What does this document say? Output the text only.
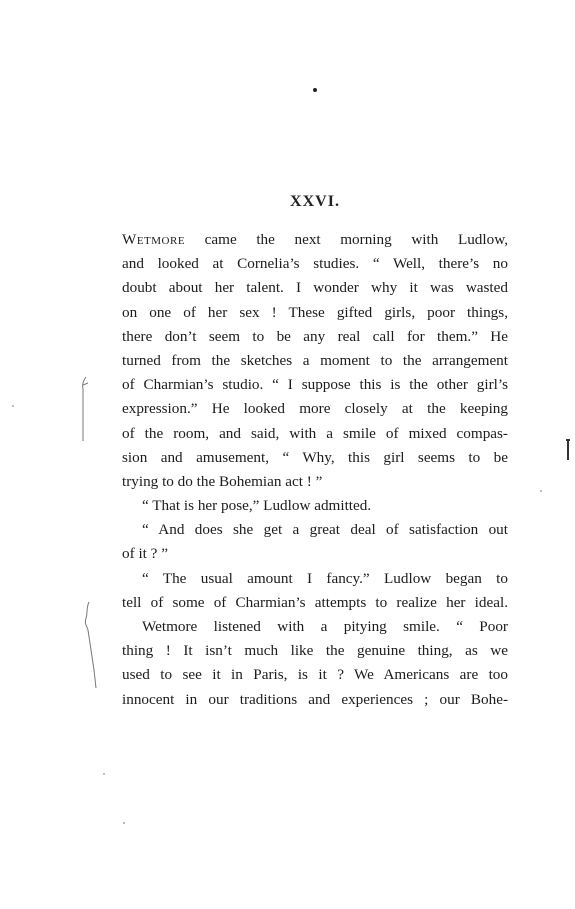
XXVI.
Wetmore came the next morning with Ludlow,
and looked at Cornelia’s studies. “ Well, there’s no
doubt about her talent. I wonder why it was wasted
on one of her sex ! These gifted girls, poor things,
there don’t seem to be any real call for them.” He
turned from the sketches a moment to the arrangement
of Charmian’s studio. “ I suppose this is the other girl’s
expression.” He looked more closely at the keeping
of the room, and said, with a smile of mixed compas-
sion and amusement, “ Why, this girl seems to be
trying to do the Bohemian act ! ”
“ That is her pose,” Ludlow admitted.
“ And does she get a great deal of satisfaction out
of it ? ”
“ The usual amount I fancy.” Ludlow began to
tell of some of Charmian’s attempts to realize her ideal.
Wetmore listened with a pitying smile. “ Poor
thing ! It isn’t much like the genuine thing, as we
used to see it in Paris, is it ? We Americans are too
innocent in our traditions and experiences ; our Bohe-
